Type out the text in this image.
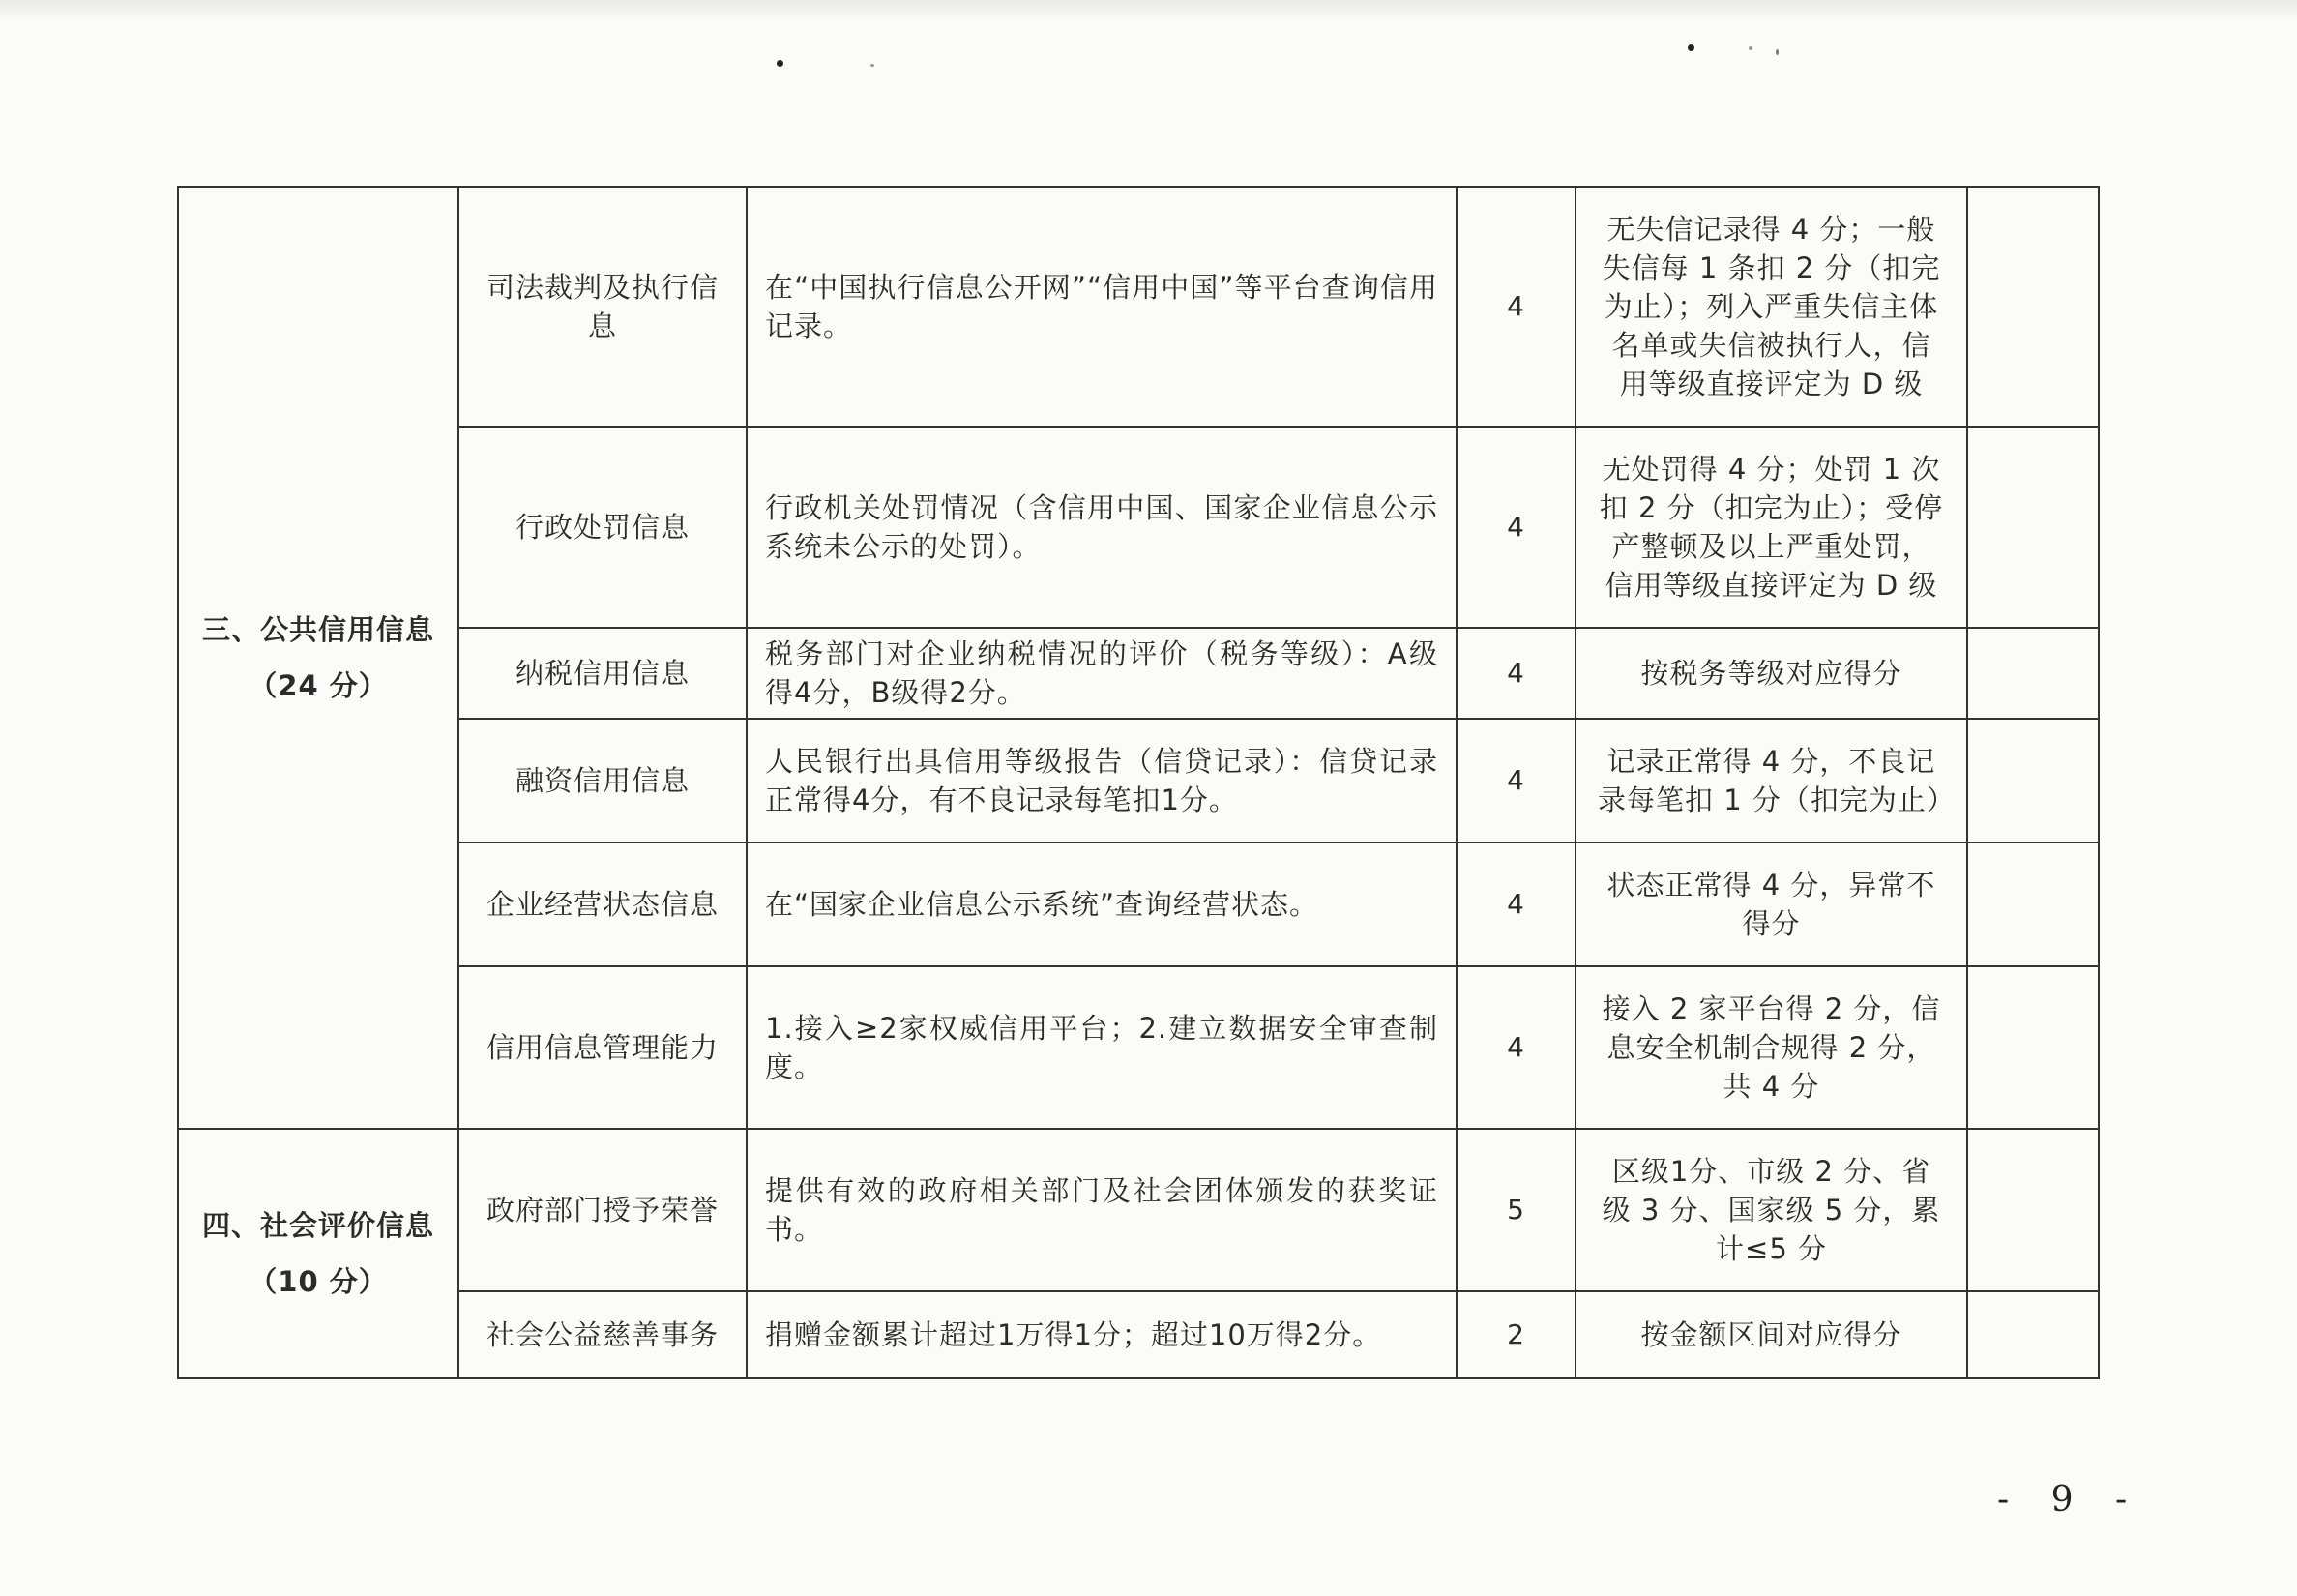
三、公共信用信息
（24 分）	司法裁判及执行信息	在“中国执行信息公开网”“信用中国”等平台查询信用记录。	4	无失信记录得 4 分；一般失信每 1 条扣 2 分（扣完为止）；列入严重失信主体名单或失信被执行人，信用等级直接评定为 D 级	
	行政处罚信息	行政机关处罚情况（含信用中国、国家企业信息公示系统未公示的处罚）。	4	无处罚得 4 分；处罚 1 次扣 2 分（扣完为止）；受停产整顿及以上严重处罚，信用等级直接评定为 D 级	
	纳税信用信息	税务部门对企业纳税情况的评价（税务等级）：A级得4分，B级得2分。	4	按税务等级对应得分	
	融资信用信息	人民银行出具信用等级报告（信贷记录）：信贷记录正常得4分，有不良记录每笔扣1分。	4	记录正常得 4 分，不良记录每笔扣 1 分（扣完为止）	
	企业经营状态信息	在“国家企业信息公示系统”查询经营状态。	4	状态正常得 4 分，异常不得分	
	信用信息管理能力	1.接入≥2家权威信用平台；2.建立数据安全审查制度。	4	接入 2 家平台得 2 分，信息安全机制合规得 2 分，共 4 分	

四、社会评价信息
（10 分）	政府部门授予荣誉	提供有效的政府相关部门及社会团体颁发的获奖证书。	5	区级1分、市级 2 分、省级 3 分、国家级 5 分，累计≤5 分	
	社会公益慈善事务	捐赠金额累计超过1万得1分；超过10万得2分。	2	按金额区间对应得分	
- 9 -
